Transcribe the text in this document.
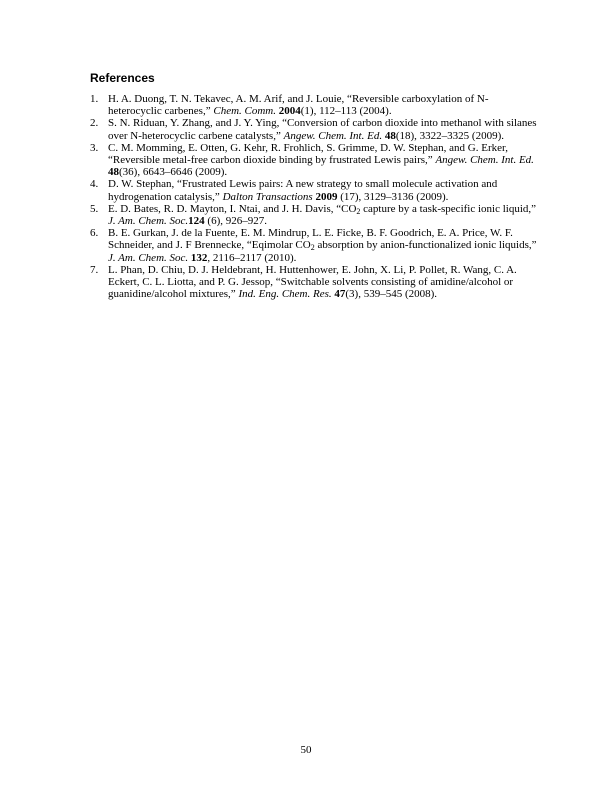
References
1. H. A. Duong, T. N. Tekavec, A. M. Arif, and J. Louie, “Reversible carboxylation of N-heterocyclic carbenes,” Chem. Comm. 2004(1), 112–113 (2004).
2. S. N. Riduan, Y. Zhang, and J. Y. Ying, “Conversion of carbon dioxide into methanol with silanes over N-heterocyclic carbene catalysts,” Angew. Chem. Int. Ed. 48(18), 3322–3325 (2009).
3. C. M. Momming, E. Otten, G. Kehr, R. Frohlich, S. Grimme, D. W. Stephan, and G. Erker, “Reversible metal-free carbon dioxide binding by frustrated Lewis pairs,” Angew. Chem. Int. Ed. 48(36), 6643–6646 (2009).
4. D. W. Stephan, “Frustrated Lewis pairs: A new strategy to small molecule activation and hydrogenation catalysis,” Dalton Transactions 2009 (17), 3129–3136 (2009).
5. E. D. Bates, R. D. Mayton, I. Ntai, and J. H. Davis, “$CO_2$ capture by a task-specific ionic liquid,” J. Am. Chem. Soc.124 (6), 926–927.
6. B. E. Gurkan, J. de la Fuente, E. M. Mindrup, L. E. Ficke, B. F. Goodrich, E. A. Price, W. F. Schneider, and J. F Brennecke, “Eqimolar $CO_2$ absorption by anion-functionalized ionic liquids,” J. Am. Chem. Soc. 132, 2116–2117 (2010).
7. L. Phan, D. Chiu, D. J. Heldebrant, H. Huttenhower, E. John, X. Li, P. Pollet, R. Wang, C. A. Eckert, C. L. Liotta, and P. G. Jessop, “Switchable solvents consisting of amidine/alcohol or guanidine/alcohol mixtures,” Ind. Eng. Chem. Res. 47(3), 539–545 (2008).
50
